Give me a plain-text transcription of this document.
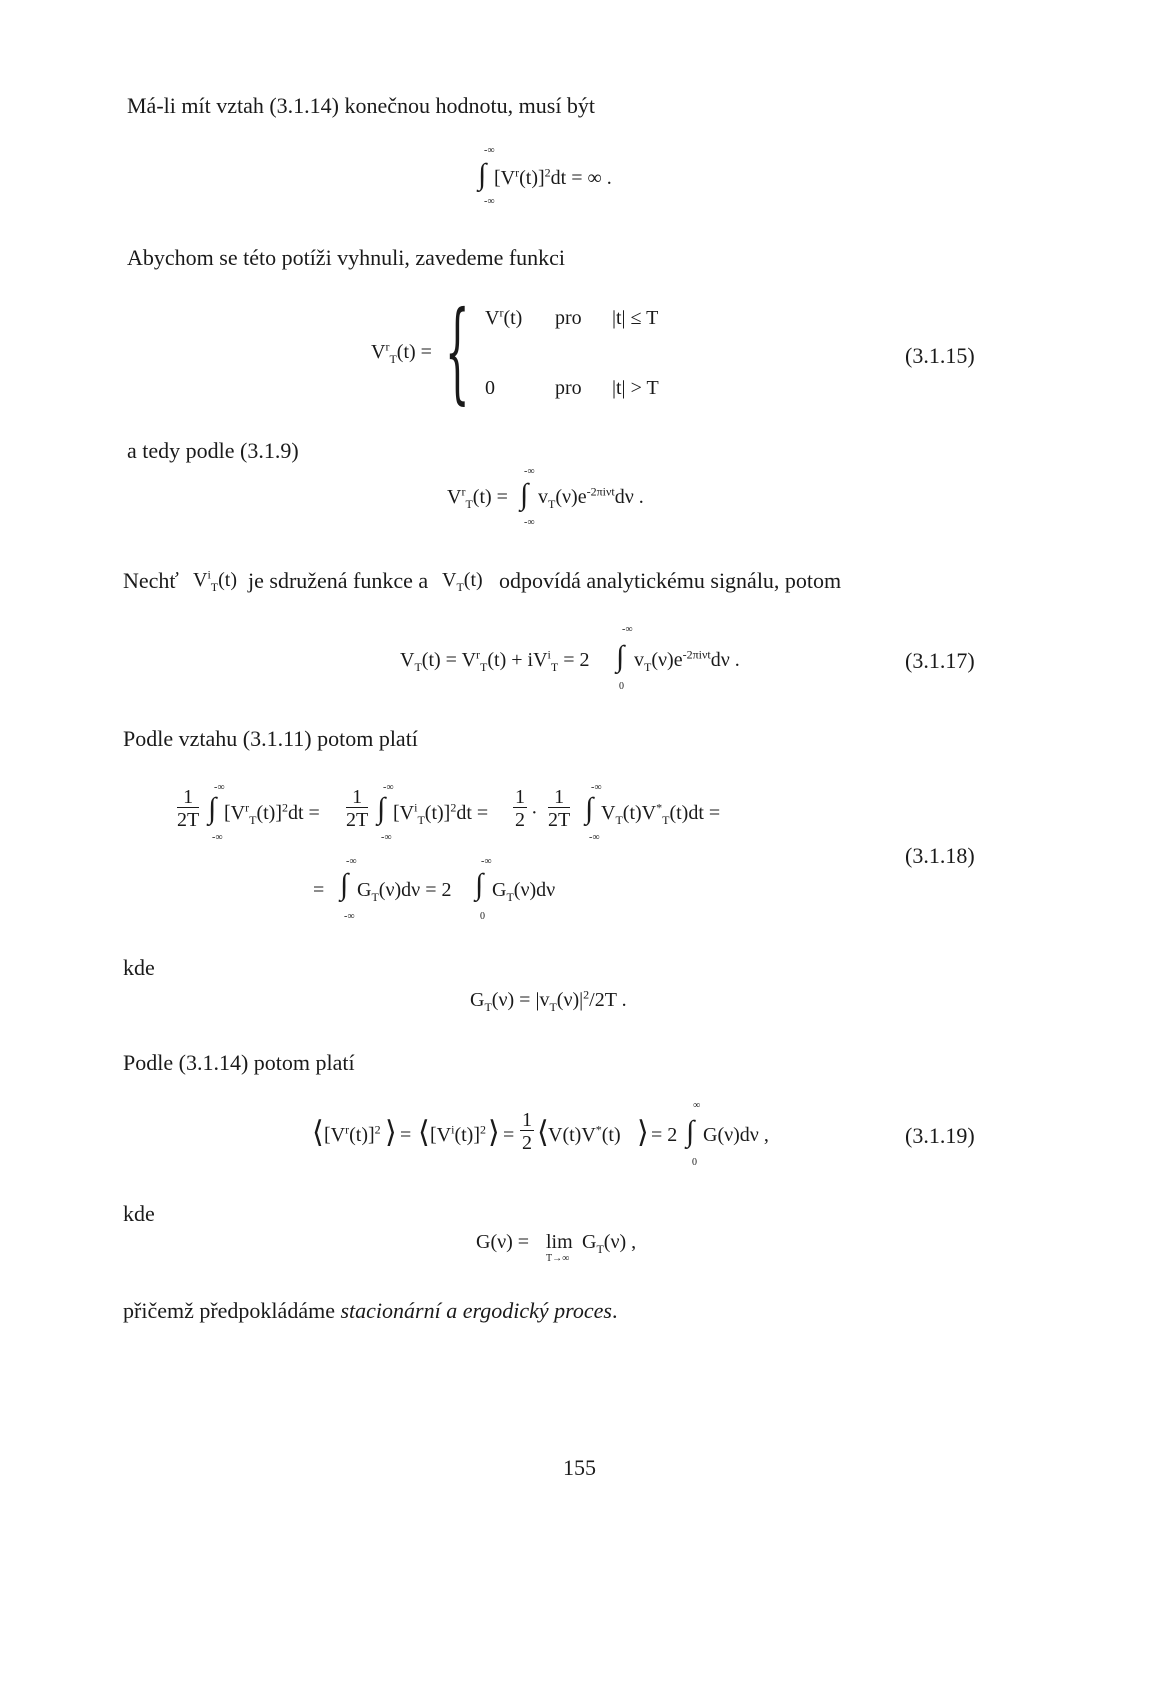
Má-li mít vztah (3.1.14) konečnou hodnotu, musí být
-∞
∫
-∞
$[V^r(t)]^2dt$ = ∞ .
Abychom se této potíži vyhnuli, zavedeme funkci
$V^r_T(t)$ = { $V^r(t)$ pro |t| ≤ T
0	pro |t| > T
(3.1.15)
a tedy podle (3.1.9)
$V^r_T(t)$ =
-∞
∫
-∞
$v_T(\nu)e^{-2\pi i\nu t}d\nu$ .
Nechť $V^i_T(t)$ je sdružená funkce a $V_T(t)$ odpovídá analytickému signálu, potom
$V_T(t) = V^r_T(t) + iV^i_T = 2$
-∞
∫
0
$v_T(\nu)e^{-2\pi i\nu t}d\nu$ .	(3.1.17)
Podle vztahu (3.1.11) potom platí
$\frac{1}{2T}$ -∞
∫
-∞
$[V^r_T(t)]^2dt = \frac{1}{2T}$ -∞
∫
-∞
$[V^i_T(t)]^2dt = \frac{1}{2} \cdot \frac{1}{2T}$ -∞
∫
-∞
$V_T(t)V^*_T(t)dt$ =
=
-∞
∫
-∞
$G_T(\nu)d\nu = 2$
-∞
∫
0
$G_T(\nu)d\nu$
(3.1.18)
kde
$G_T(\nu) = |v_T(\nu)|^2/2T$ .
Podle (3.1.14) potom platí
⟨ $[V^r(t)]^2$ ⟩ = ⟨ $[V^i(t)]^2$ ⟩ = $\frac{1}{2}$ ⟨ V(t)V*(t) ⟩ = 2
∞
∫
0
G(ν)dν ,	(3.1.19)
kde
G(ν) = lim
T→∞
$G_T(\nu)$ ,
přičemž předpokládáme stacionární a ergodický proces.
155
